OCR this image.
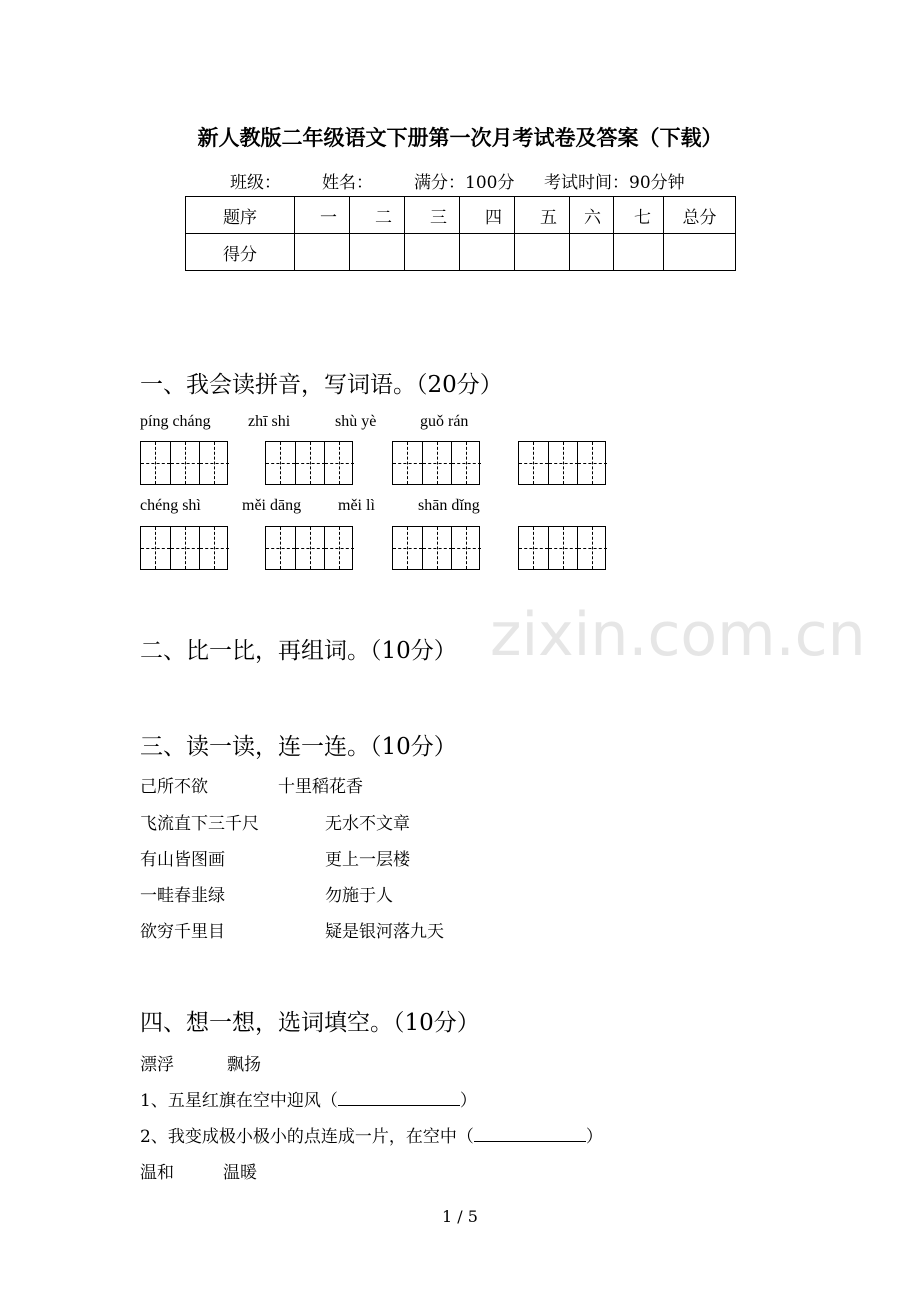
新人教版二年级语文下册第一次月考试卷及答案（下载）
班级： 姓名： 满分：100分 考试时间：90分钟
题序	一	二	三	四	五	六	七	总分
得分								
zixin.com.cn
一、我会读拼音，写词语。（20分）
píng cháng zhī shi	shù yè	guǒ rán
chéng shì	měi dāng měi lì	shān dǐng
二、比一比，再组词。（10分）
三、读一读，连一连。（10分）
己所不欲	十里稻花香
飞流直下三千尺	无水不文章
有山皆图画	更上一层楼
一畦春韭绿	勿施于人
欲穷千里目	疑是银河落九天
四、想一想，选词填空。（10分）
漂浮	飘扬
1、五星红旗在空中迎风（	）
2、我变成极小极小的点连成一片，在空中（	）
温和	温暖
1 / 5
